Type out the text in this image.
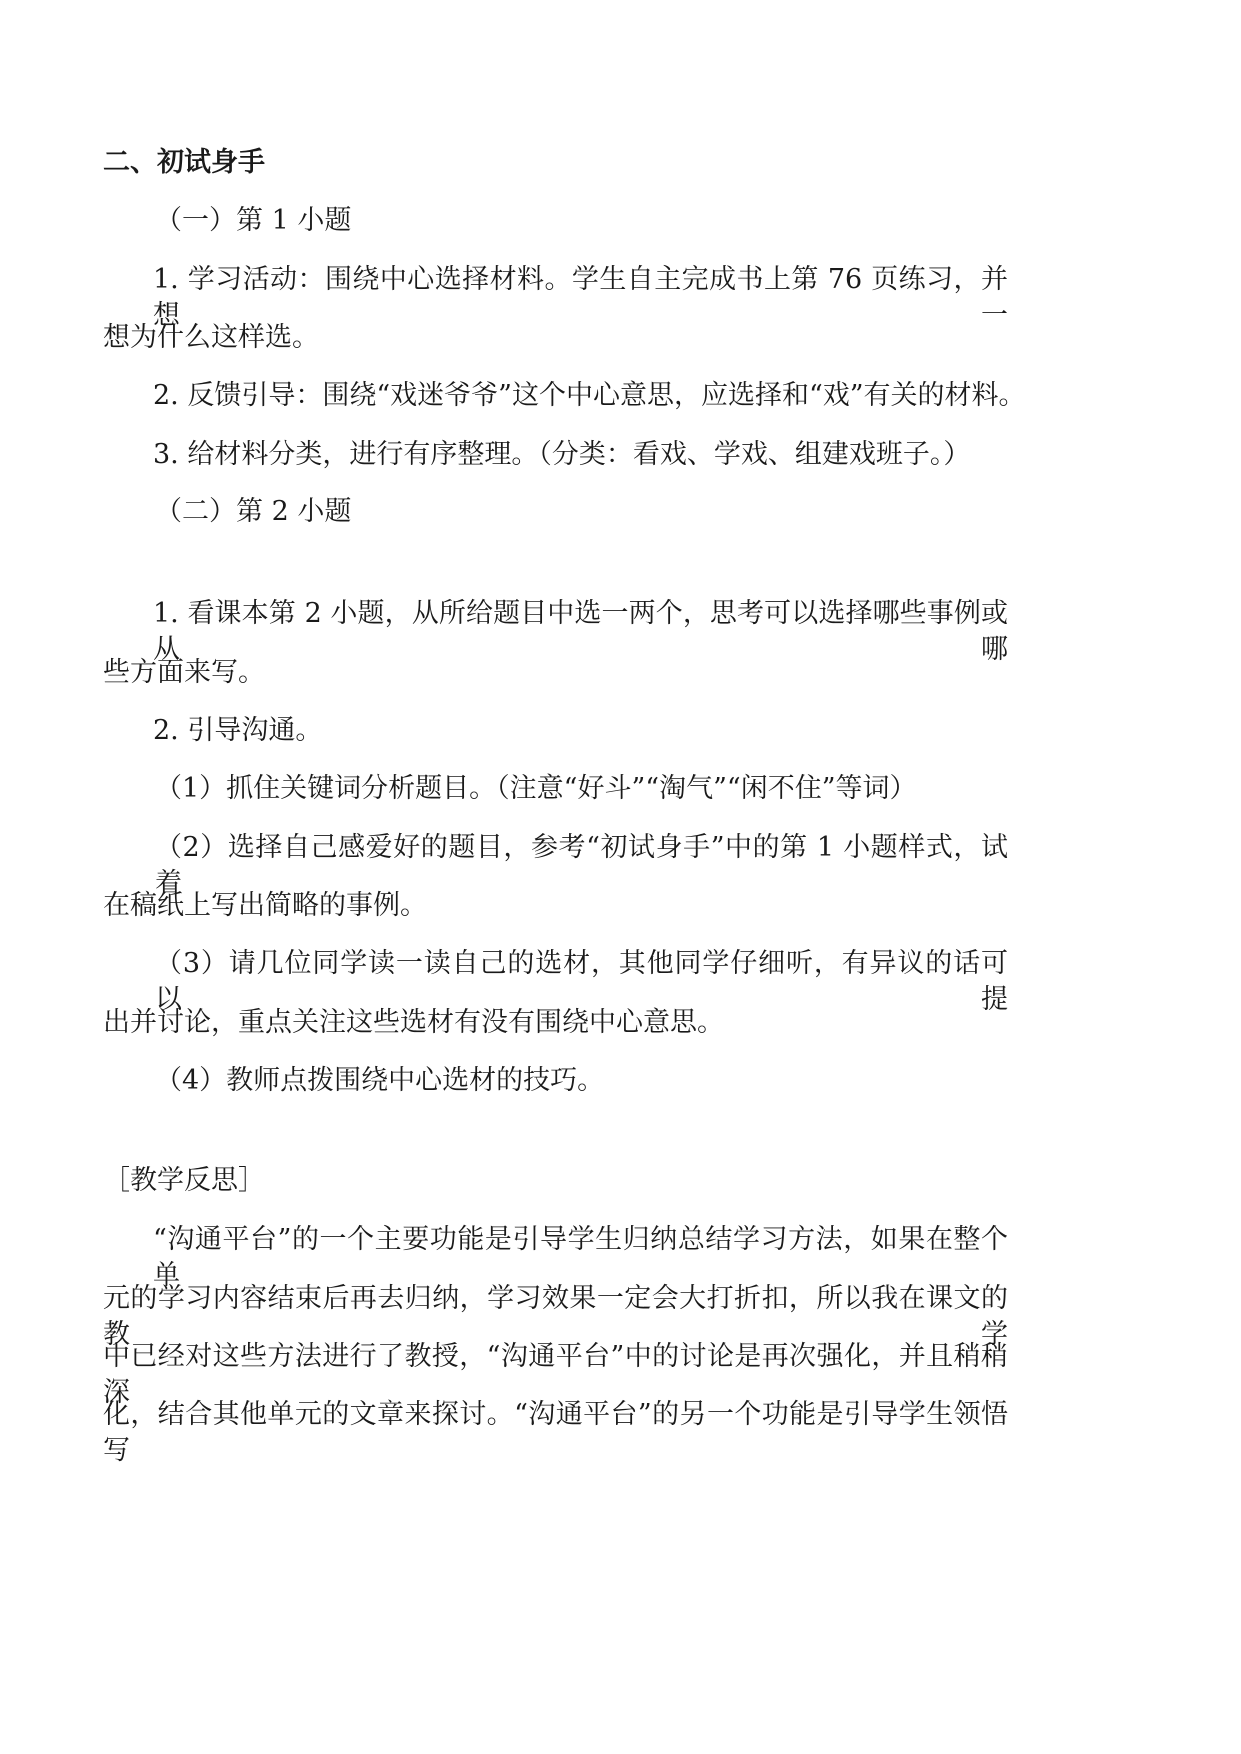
二、初试身手
（一）第 1 小题
1. 学习活动：围绕中心选择材料。学生自主完成书上第 76 页练习，并想一
想为什么这样选。
2. 反馈引导：围绕“戏迷爷爷”这个中心意思，应选择和“戏”有关的材料。
3. 给材料分类，进行有序整理。（分类：看戏、学戏、组建戏班子。）
（二）第 2 小题
1. 看课本第 2 小题，从所给题目中选一两个，思考可以选择哪些事例或从哪
些方面来写。
2. 引导沟通。
（1）抓住关键词分析题目。（注意“好斗”“淘气”“闲不住”等词）
（2）选择自己感爱好的题目，参考“初试身手”中的第 1 小题样式，试着
在稿纸上写出简略的事例。
（3）请几位同学读一读自己的选材，其他同学仔细听，有异议的话可以提
出并讨论，重点关注这些选材有没有围绕中心意思。
（4）教师点拨围绕中心选材的技巧。
［教学反思］
“沟通平台”的一个主要功能是引导学生归纳总结学习方法，如果在整个单
元的学习内容结束后再去归纳，学习效果一定会大打折扣，所以我在课文的教学
中已经对这些方法进行了教授，“沟通平台”中的讨论是再次强化，并且稍稍深
化，结合其他单元的文章来探讨。“沟通平台”的另一个功能是引导学生领悟写
